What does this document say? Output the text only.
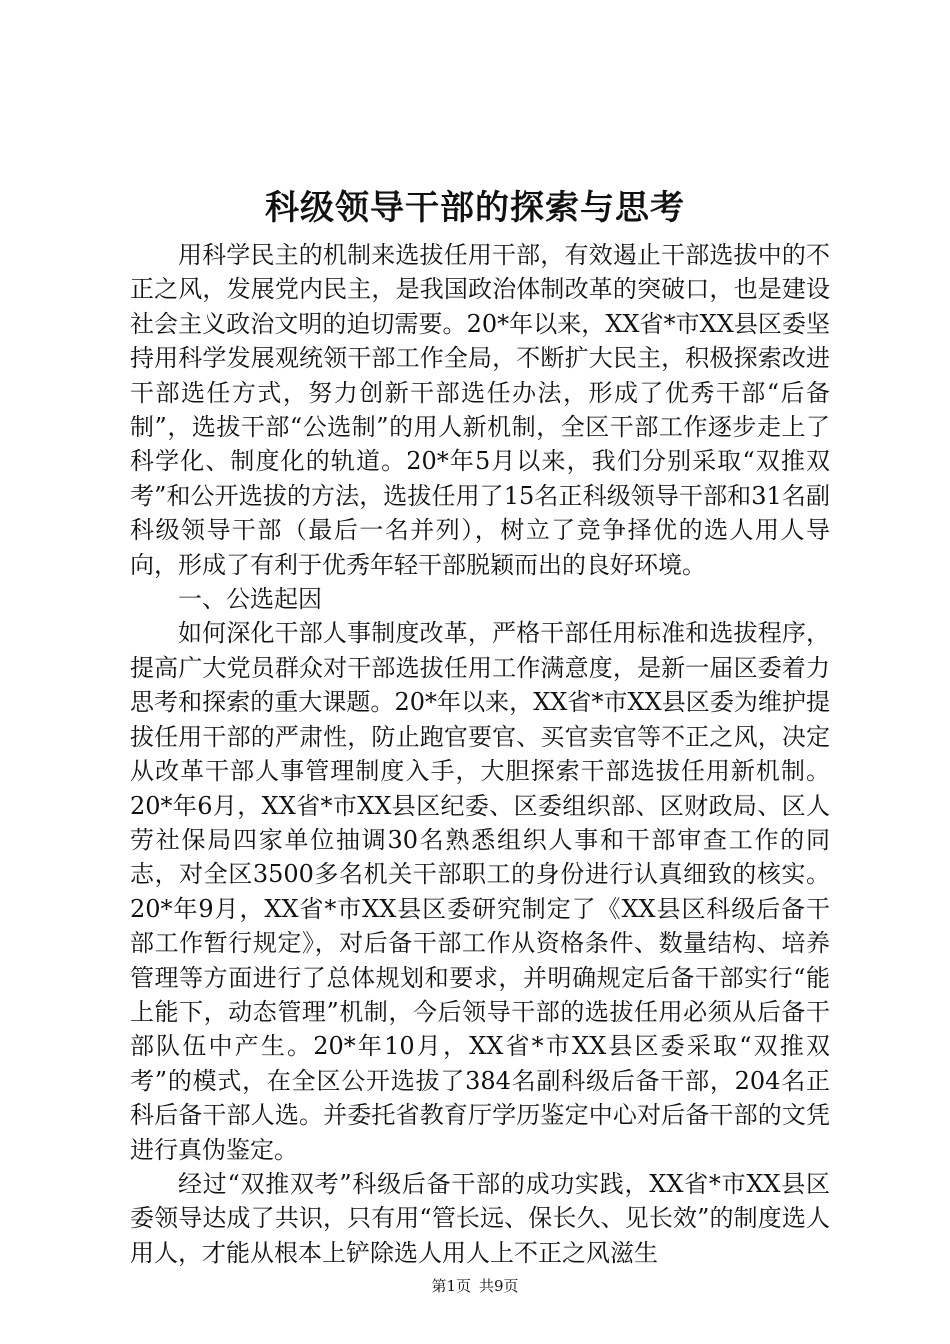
科级领导干部的探索与思考

用科学民主的机制来选拔任用干部，有效遏止干部选拔中的不正之风，发展党内民主，是我国政治体制改革的突破口，也是建设社会主义政治文明的迫切需要。20*年以来，XX省*市XX县区委坚持用科学发展观统领干部工作全局，不断扩大民主，积极探索改进干部选任方式，努力创新干部选任办法，形成了优秀干部“后备制”，选拔干部“公选制”的用人新机制，全区干部工作逐步走上了科学化、制度化的轨道。20*年5月以来，我们分别采取“双推双考”和公开选拔的方法，选拔任用了15名正科级领导干部和31名副科级领导干部（最后一名并列），树立了竞争择优的选人用人导向，形成了有利于优秀年轻干部脱颖而出的良好环境。

一、公选起因

如何深化干部人事制度改革，严格干部任用标准和选拔程序，提高广大党员群众对干部选拔任用工作满意度，是新一届区委着力思考和探索的重大课题。20*年以来，XX省*市XX县区委为维护提拔任用干部的严肃性，防止跑官要官、买官卖官等不正之风，决定从改革干部人事管理制度入手，大胆探索干部选拔任用新机制。20*年6月，XX省*市XX县区纪委、区委组织部、区财政局、区人劳社保局四家单位抽调30名熟悉组织人事和干部审查工作的同志，对全区3500多名机关干部职工的身份进行认真细致的核实。20*年9月，XX省*市XX县区委研究制定了《XX县区科级后备干部工作暂行规定》，对后备干部工作从资格条件、数量结构、培养管理等方面进行了总体规划和要求，并明确规定后备干部实行“能上能下，动态管理”机制，今后领导干部的选拔任用必须从后备干部队伍中产生。20*年10月，XX省*市XX县区委采取“双推双考”的模式，在全区公开选拔了384名副科级后备干部，204名正科后备干部人选。并委托省教育厅学历鉴定中心对后备干部的文凭进行真伪鉴定。

经过“双推双考”科级后备干部的成功实践，XX省*市XX县区委领导达成了共识，只有用“管长远、保长久、见长效”的制度选人用人，才能从根本上铲除选人用人上不正之风滋生

第1页 共9页
